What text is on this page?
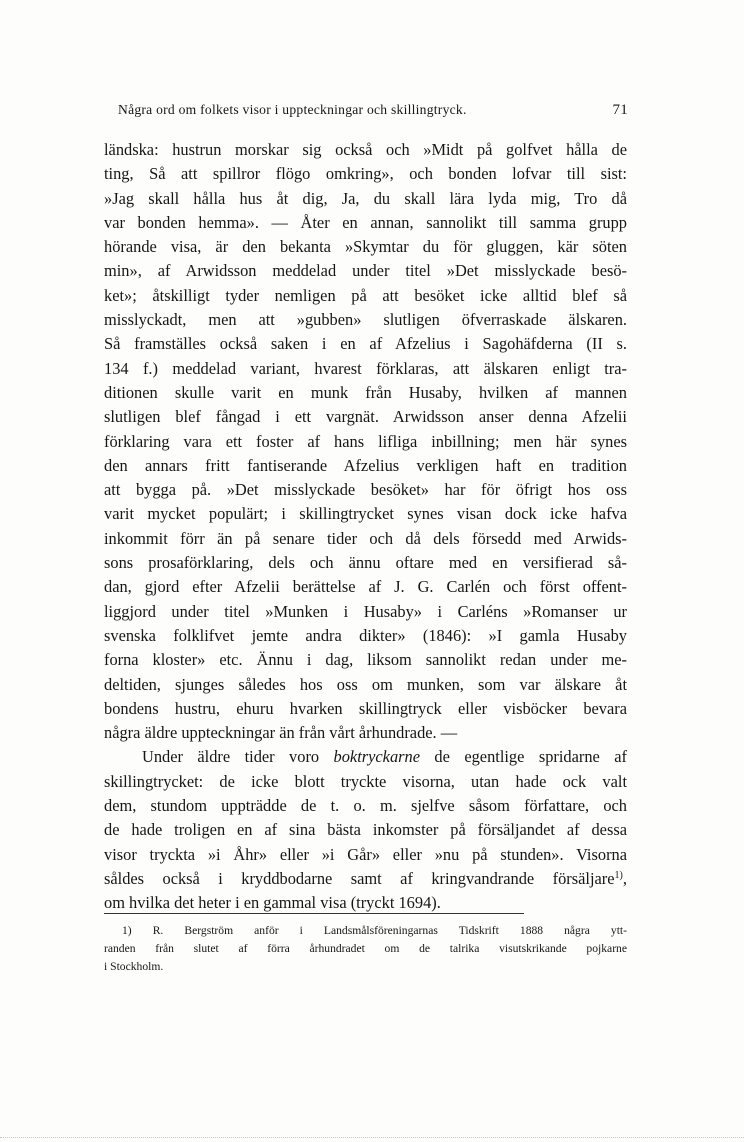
Några ord om folkets visor i uppteckningar och skillingtryck.	71
ländska: hustrun morskar sig också och »Midt på golfvet hålla de
ting, Så att spillror flögo omkring», och bonden lofvar till sist:
»Jag skall hålla hus åt dig, Ja, du skall lära lyda mig, Tro då
var bonden hemma». — Åter en annan, sannolikt till samma grupp
hörande visa, är den bekanta »Skymtar du för gluggen, kär söten
min», af Arwidsson meddelad under titel »Det misslyckade besö-
ket»; åtskilligt tyder nemligen på att besöket icke alltid blef så
misslyckadt, men att »gubben» slutligen öfverraskade älskaren.
Så framställes också saken i en af Afzelius i Sagohäfderna (II s.
134 f.) meddelad variant, hvarest förklaras, att älskaren enligt tra-
ditionen skulle varit en munk från Husaby, hvilken af mannen
slutligen blef fångad i ett vargnät. Arwidsson anser denna Afzelii
förklaring vara ett foster af hans lifliga inbillning; men här synes
den annars fritt fantiserande Afzelius verkligen haft en tradition
att bygga på. »Det misslyckade besöket» har för öfrigt hos oss
varit mycket populärt; i skillingtrycket synes visan dock icke hafva
inkommit förr än på senare tider och då dels försedd med Arwids-
sons prosaförklaring, dels och ännu oftare med en versifierad så-
dan, gjord efter Afzelii berättelse af J. G. Carlén och först offent-
liggjord under titel »Munken i Husaby» i Carléns »Romanser ur
svenska folklifvet jemte andra dikter» (1846): »I gamla Husaby
forna kloster» etc. Ännu i dag, liksom sannolikt redan under me-
deltiden, sjunges således hos oss om munken, som var älskare åt
bondens hustru, ehuru hvarken skillingtryck eller visböcker bevara
några äldre uppteckningar än från vårt århundrade. —
Under äldre tider voro boktryckarne de egentlige spridarne af
skillingtrycket: de icke blott tryckte visorna, utan hade ock valt
dem, stundom uppträdde de t. o. m. sjelfve såsom författare, och
de hade troligen en af sina bästa inkomster på försäljandet af dessa
visor tryckta »i Åhr» eller »i Går» eller »nu på stunden». Visorna
såldes också i kryddbodarne samt af kringvandrande försäljare$^{1)}$,
om hvilka det heter i en gammal visa (tryckt 1694).
1) R. Bergström anför i Landsmålsföreningarnas Tidskrift 1888 några ytt-
randen från slutet af förra århundradet om de talrika visutskrikande pojkarne
i Stockholm.
